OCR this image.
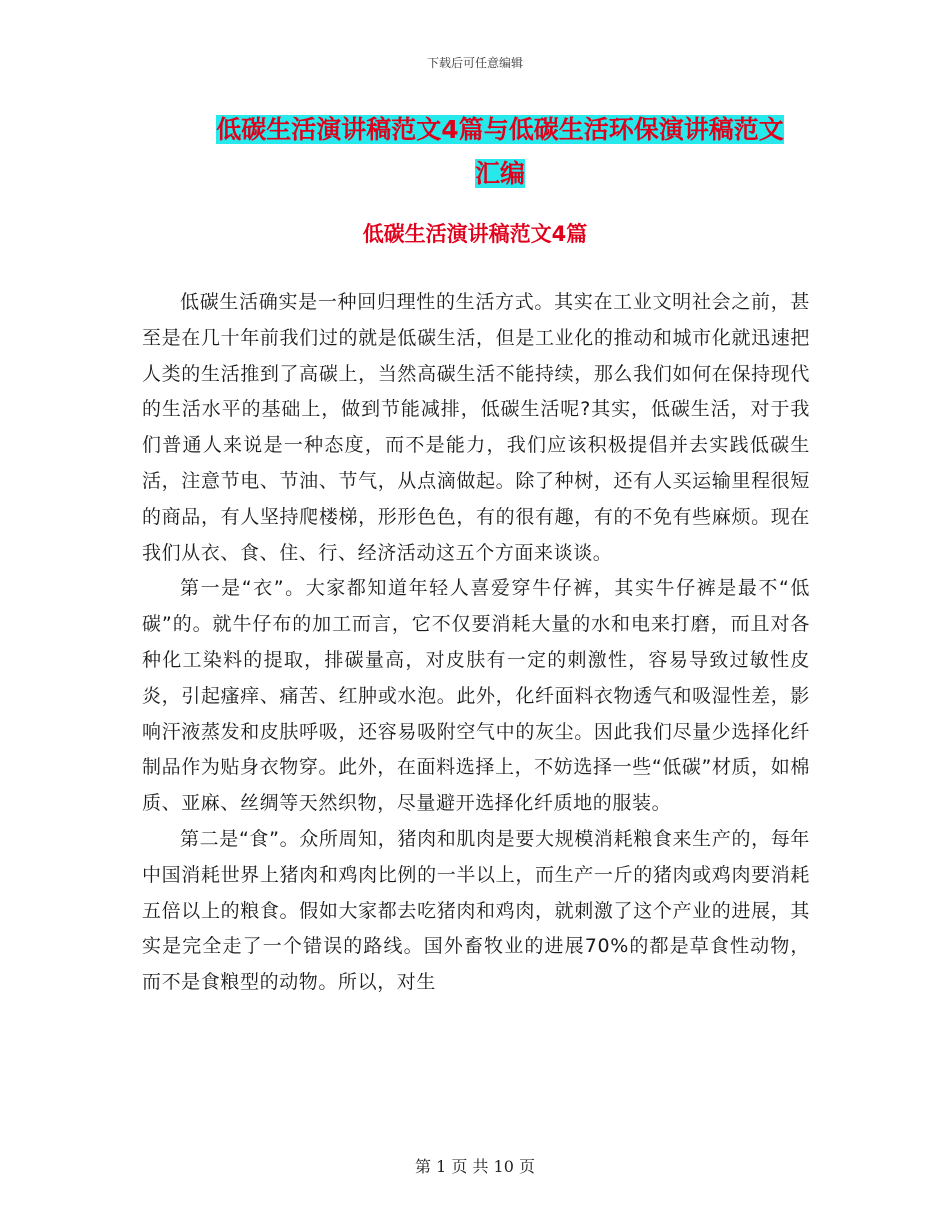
下载后可任意编辑
低碳生活演讲稿范文4篇与低碳生活环保演讲稿范文
汇编
低碳生活演讲稿范文4篇

低碳生活确实是一种回归理性的生活方式。其实在工业文明社会之前，甚至是在几十年前我们过的就是低碳生活，但是工业化的推动和城市化就迅速把人类的生活推到了高碳上，当然高碳生活不能持续，那么我们如何在保持现代的生活水平的基础上，做到节能减排，低碳生活呢?其实，低碳生活，对于我们普通人来说是一种态度，而不是能力，我们应该积极提倡并去实践低碳生活，注意节电、节油、节气，从点滴做起。除了种树，还有人买运输里程很短的商品，有人坚持爬楼梯，形形色色，有的很有趣，有的不免有些麻烦。现在我们从衣、食、住、行、经济活动这五个方面来谈谈。

第一是“衣”。大家都知道年轻人喜爱穿牛仔裤，其实牛仔裤是最不“低碳”的。就牛仔布的加工而言，它不仅要消耗大量的水和电来打磨，而且对各种化工染料的提取，排碳量高，对皮肤有一定的刺激性，容易导致过敏性皮炎，引起瘙痒、痛苦、红肿或水泡。此外，化纤面料衣物透气和吸湿性差，影响汗液蒸发和皮肤呼吸，还容易吸附空气中的灰尘。因此我们尽量少选择化纤制品作为贴身衣物穿。此外，在面料选择上，不妨选择一些“低碳”材质，如棉质、亚麻、丝绸等天然织物，尽量避开选择化纤质地的服装。

第二是“食”。众所周知，猪肉和肌肉是要大规模消耗粮食来生产的，每年中国消耗世界上猪肉和鸡肉比例的一半以上，而生产一斤的猪肉或鸡肉要消耗五倍以上的粮食。假如大家都去吃猪肉和鸡肉，就刺激了这个产业的进展，其实是完全走了一个错误的路线。国外畜牧业的进展70%的都是草食性动物，而不是食粮型的动物。所以，对生

第 1 页 共 10 页
